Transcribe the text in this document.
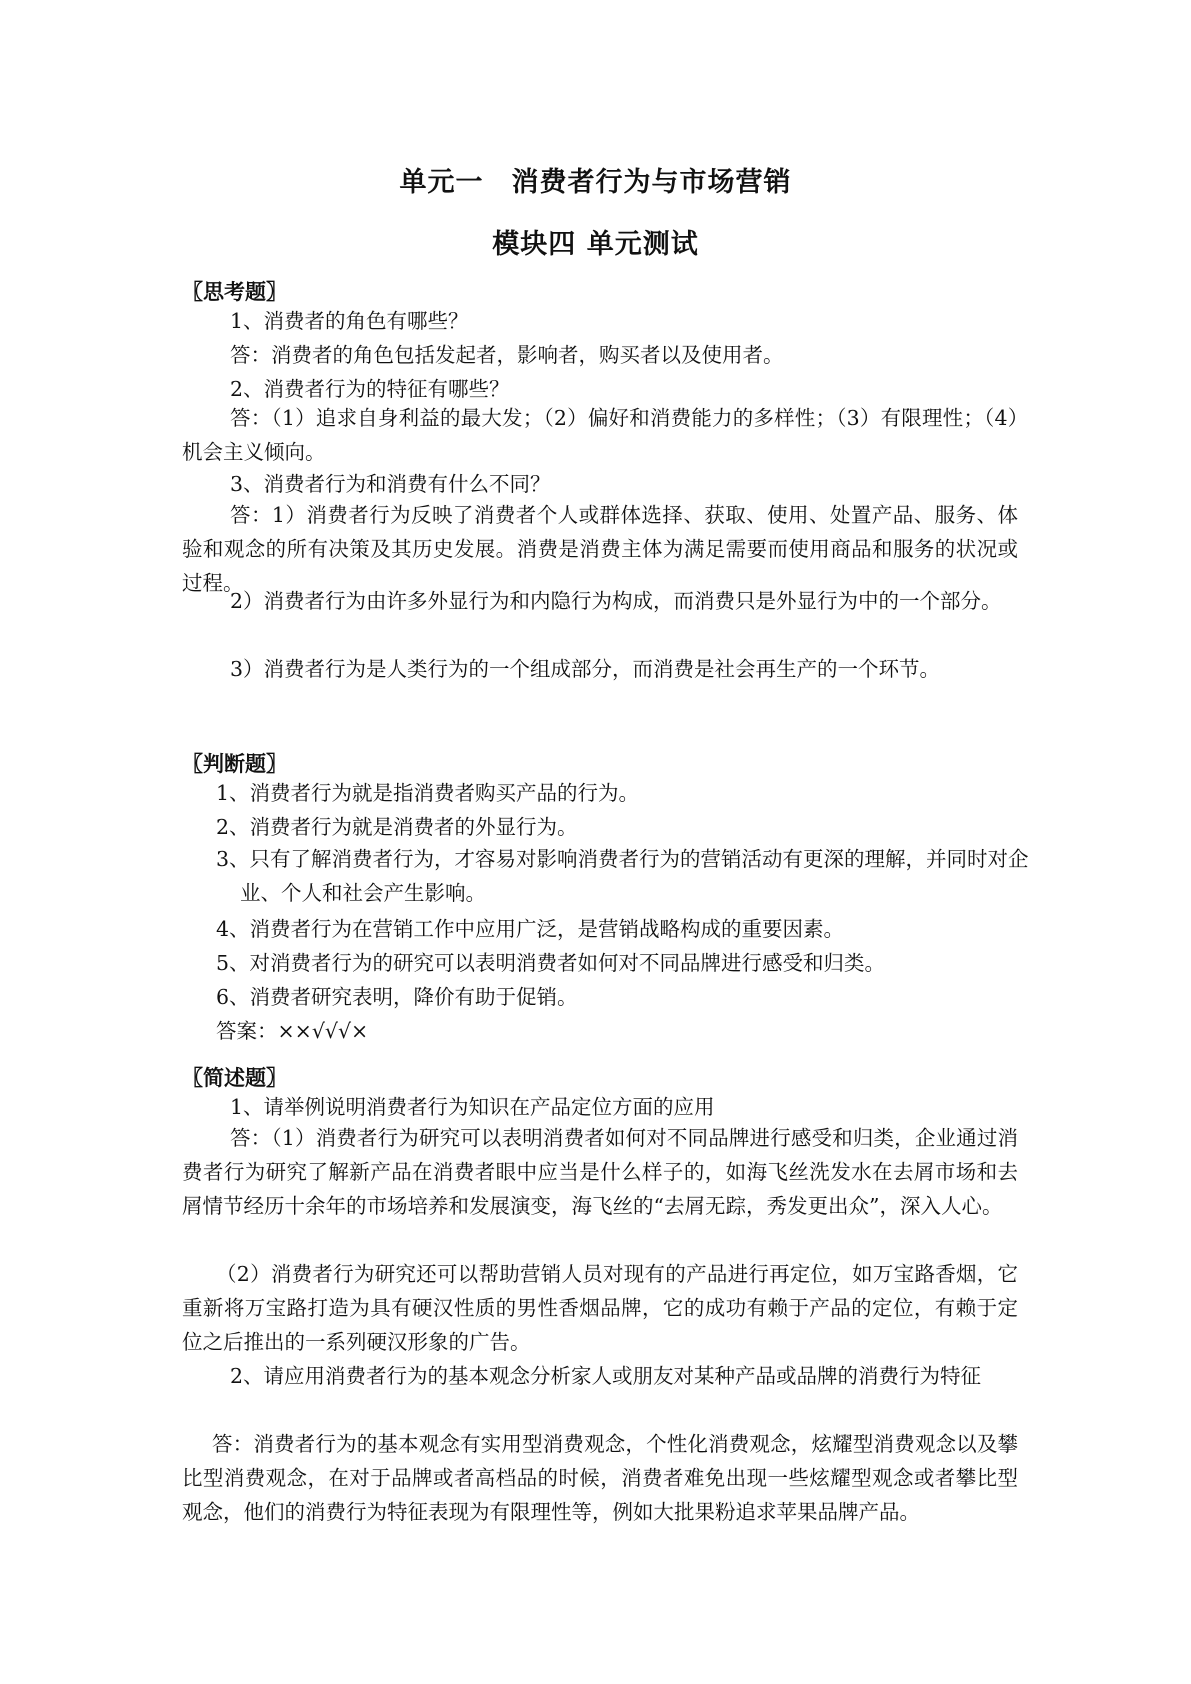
单元一　消费者行为与市场营销
模块四 单元测试
〖思考题〗
1、消费者的角色有哪些？
答：消费者的角色包括发起者，影响者，购买者以及使用者。
2、消费者行为的特征有哪些？

答：（1）追求自身利益的最大发；（2）偏好和消费能力的多样性；（3）有限理性；（4）机会主义倾向。

3、消费者行为和消费有什么不同？

答：1）消费者行为反映了消费者个人或群体选择、获取、使用、处置产品、服务、体验和观念的所有决策及其历史发展。消费是消费主体为满足需要而使用商品和服务的状况或过程。

2）消费者行为由许多外显行为和内隐行为构成，而消费只是外显行为中的一个部分。

3）消费者行为是人类行为的一个组成部分，而消费是社会再生产的一个环节。

〖判断题〗
1、消费者行为就是指消费者购买产品的行为。
2、消费者行为就是消费者的外显行为。

3、只有了解消费者行为，才容易对影响消费者行为的营销活动有更深的理解，并同时对企业、个人和社会产生影响。

4、消费者行为在营销工作中应用广泛，是营销战略构成的重要因素。
5、对消费者行为的研究可以表明消费者如何对不同品牌进行感受和归类。
6、消费者研究表明，降价有助于促销。
答案：××√√√×
〖简述题〗
1、请举例说明消费者行为知识在产品定位方面的应用

答：（1）消费者行为研究可以表明消费者如何对不同品牌进行感受和归类，企业通过消费者行为研究了解新产品在消费者眼中应当是什么样子的，如海飞丝洗发水在去屑市场和去屑情节经历十余年的市场培养和发展演变，海飞丝的“去屑无踪，秀发更出众”，深入人心。

（2）消费者行为研究还可以帮助营销人员对现有的产品进行再定位，如万宝路香烟，它重新将万宝路打造为具有硬汉性质的男性香烟品牌，它的成功有赖于产品的定位，有赖于定位之后推出的一系列硬汉形象的广告。

2、请应用消费者行为的基本观念分析家人或朋友对某种产品或品牌的消费行为特征

答：消费者行为的基本观念有实用型消费观念，个性化消费观念，炫耀型消费观念以及攀比型消费观念，在对于品牌或者高档品的时候，消费者难免出现一些炫耀型观念或者攀比型观念，他们的消费行为特征表现为有限理性等，例如大批果粉追求苹果品牌产品。
